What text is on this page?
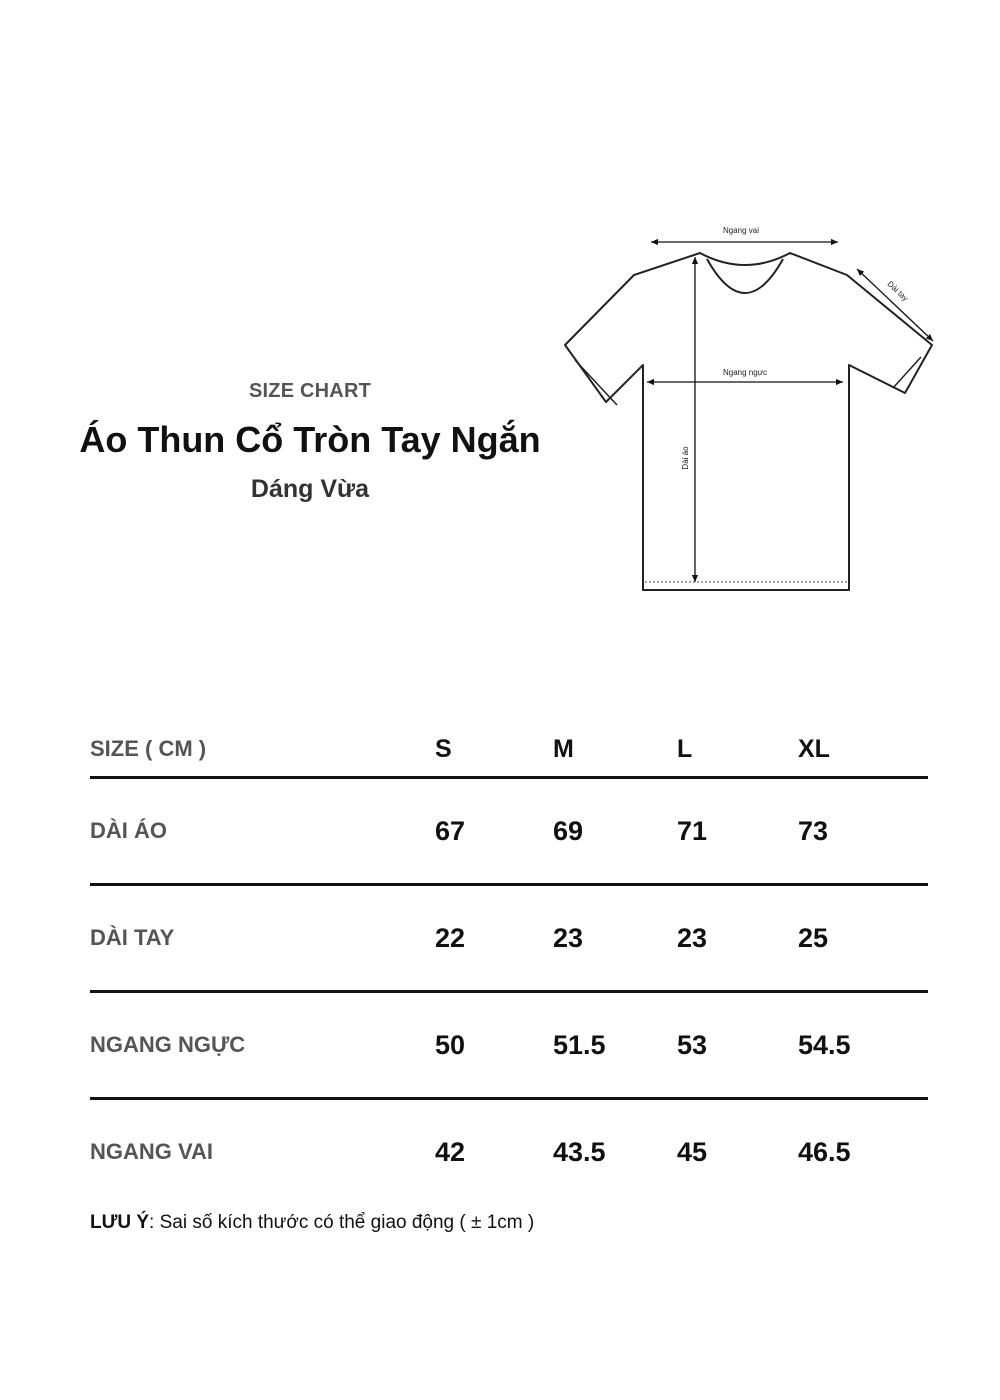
SIZE CHART
Áo Thun Cổ Tròn Tay Ngắn
Dáng Vừa
Ngang vai
Dài tay
Ngang ngực
Dài áo
SIZE ( CM )	S	M	L	XL
DÀI ÁO	67	69	71	73
DÀI TAY	22	23	23	25
NGANG NGỰC	50	51.5	53	54.5
NGANG VAI	42	43.5	45	46.5
LƯU Ý: Sai số kích thước có thể giao động ( ± 1cm )
